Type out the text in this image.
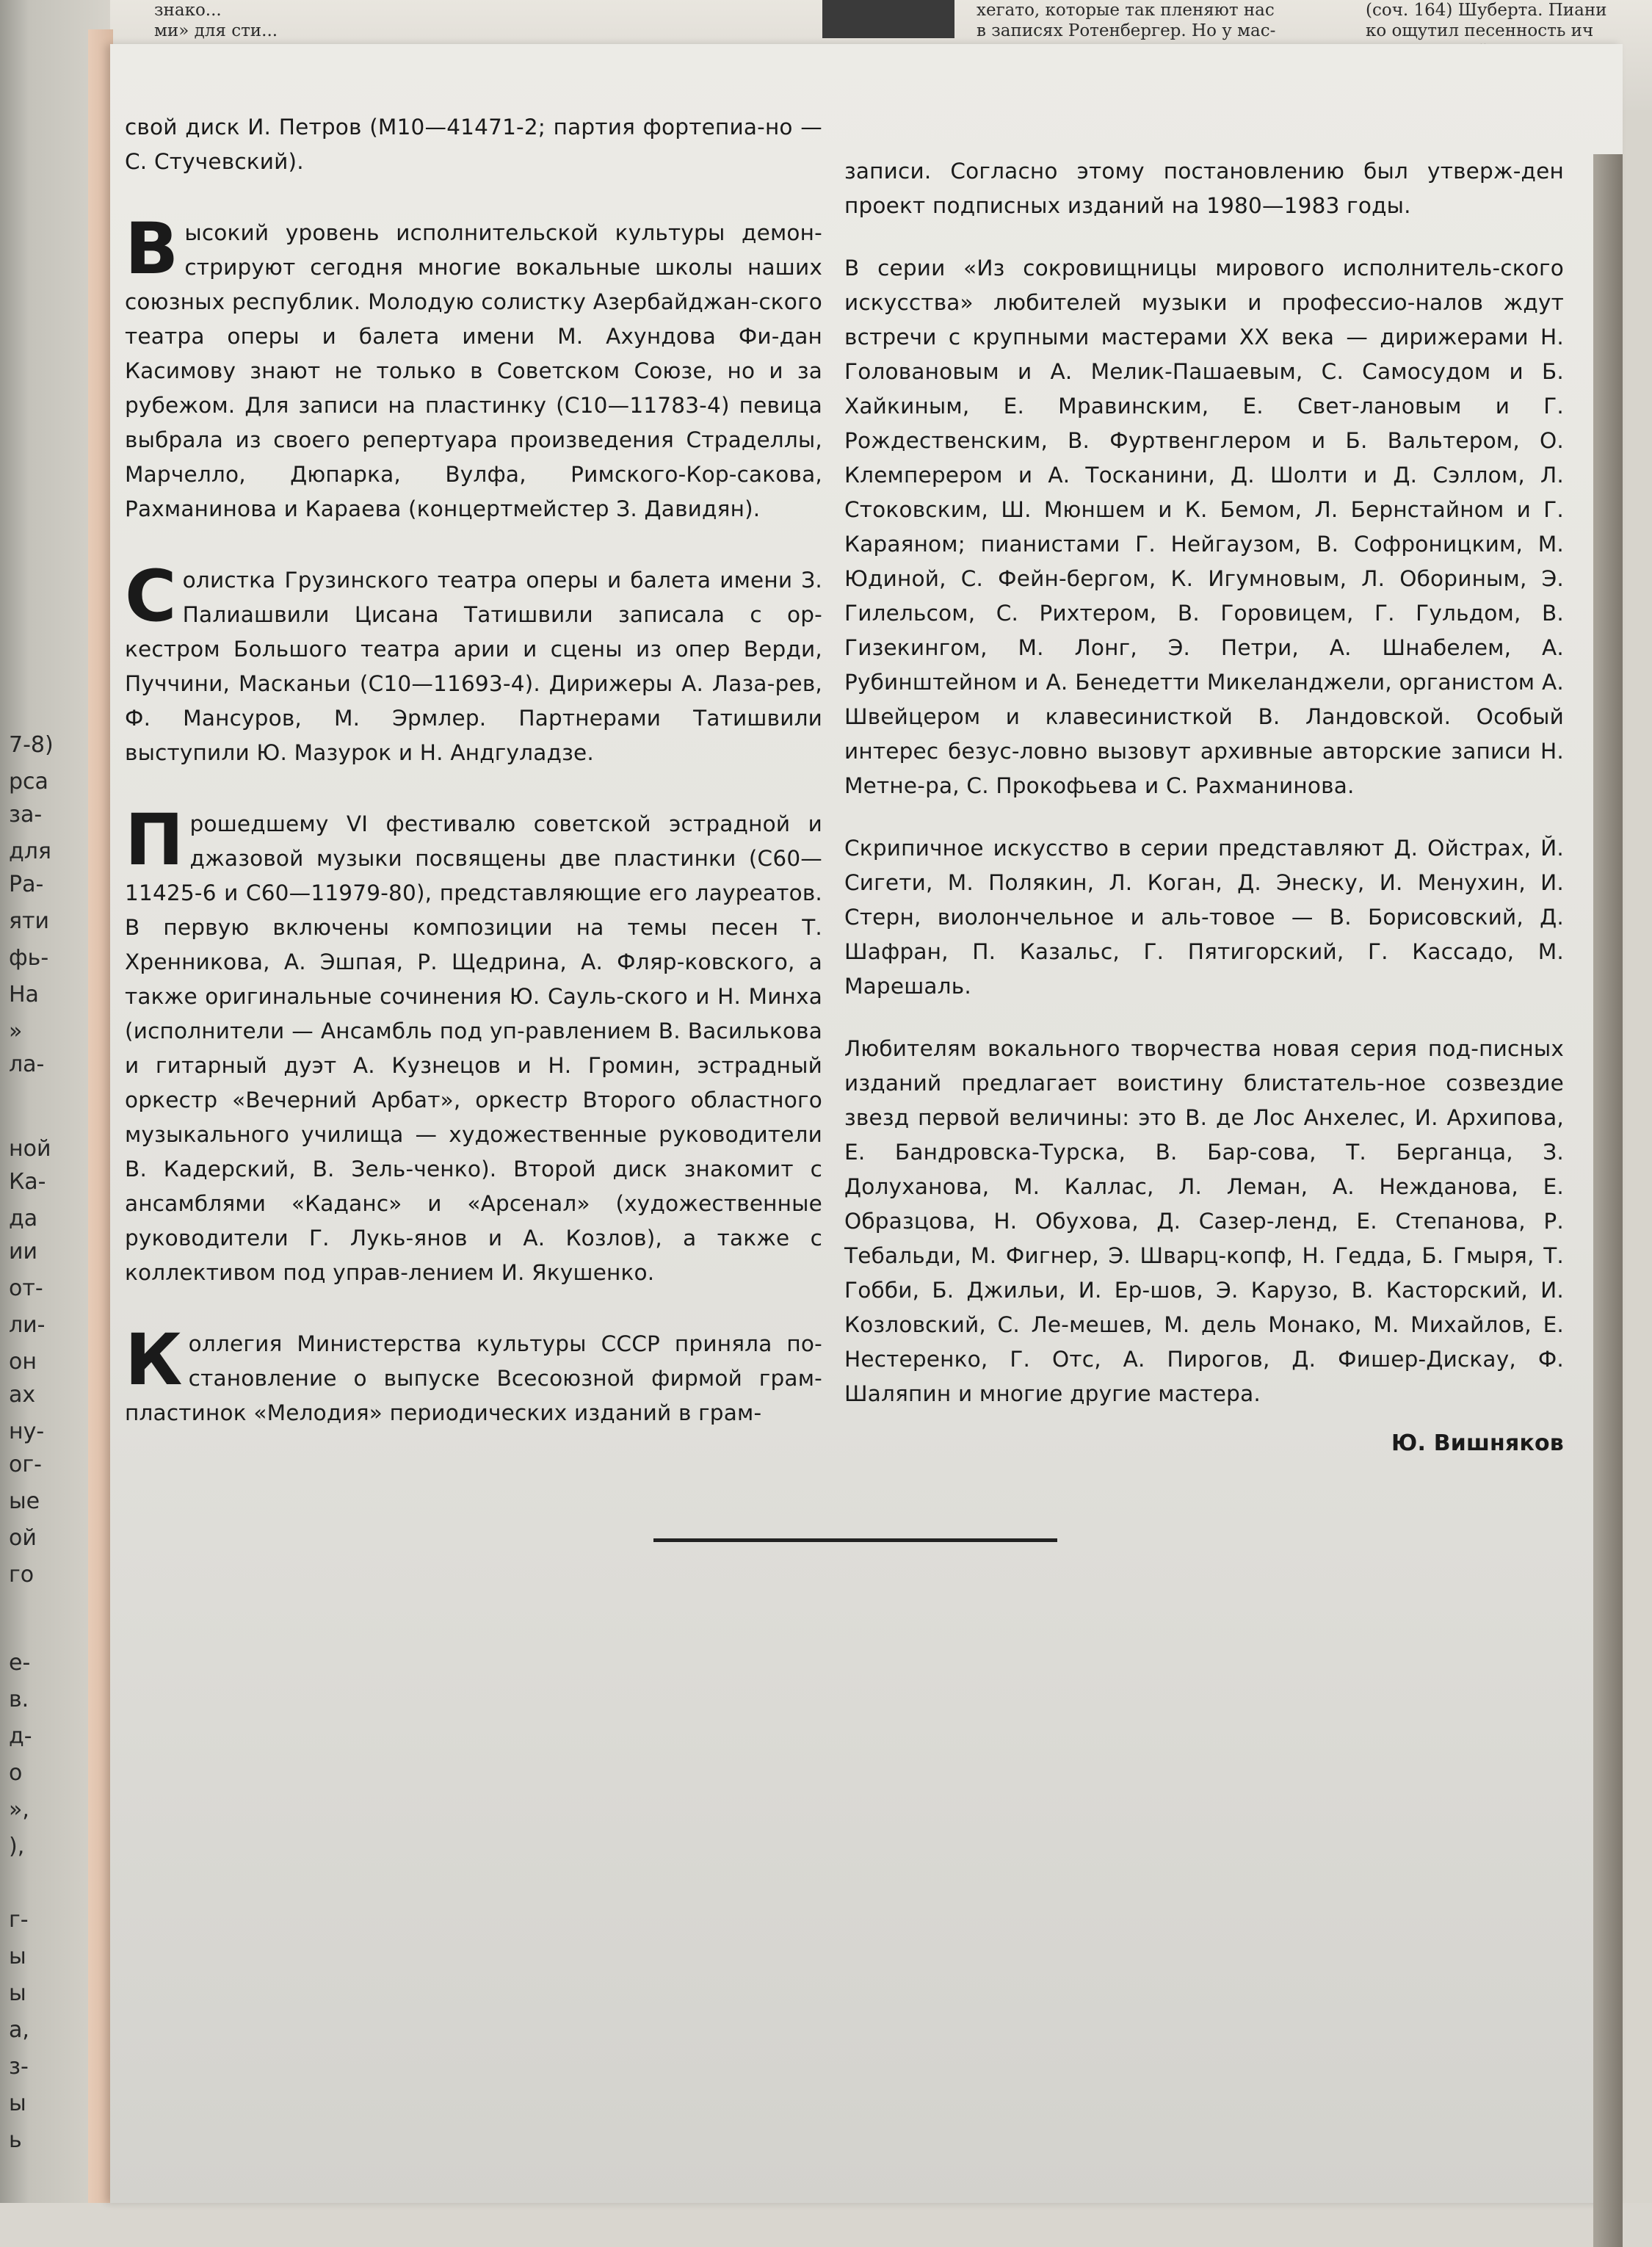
знако...
ми» для сти...
хегато, которые так пленяют нас
в записях Ротенбергер. Но у мас-
(соч. 164) Шуберта. Пиани
ко ощутил песенность ич
7-8)
рса
за-
для
Ра-
яти
фь-
На
»
ла-
ной
Ка-
да
ии
от-
ли-
он
ах
ну-
ог-
ые
ой
го
е-
в.
д-
о
»,
),
г-
ы
ы
а,
з-
ы
ь

свой диск И. Петров (М10—41471-2; партия фортепиа-но — С. Стучевский).

Высокий уровень исполнительской культуры демон-стрируют сегодня многие вокальные школы наших союзных республик. Молодую солистку Азербайджан-ского театра оперы и балета имени М. Ахундова Фи-дан Касимову знают не только в Советском Союзе, но и за рубежом. Для записи на пластинку (С10—11783-4) певица выбрала из своего репертуара произведения Страделлы, Марчелло, Дюпарка, Вулфа, Римского-Кор-сакова, Рахманинова и Караева (концертмейстер З. Давидян).

Солистка Грузинского театра оперы и балета имени З. Палиашвили Цисана Татишвили записала с ор-кестром Большого театра арии и сцены из опер Верди, Пуччини, Масканьи (С10—11693-4). Дирижеры А. Лаза-рев, Ф. Мансуров, М. Эрмлер. Партнерами Татишвили выступили Ю. Мазурок и Н. Андгуладзе.

Прошедшему VI фестивалю советской эстрадной и джазовой музыки посвящены две пластинки (С60—11425-6 и С60—11979-80), представляющие его лауреатов. В первую включены композиции на темы песен Т. Хренникова, А. Эшпая, Р. Щедрина, А. Фляр-ковского, а также оригинальные сочинения Ю. Сауль-ского и Н. Минха (исполнители — Ансамбль под уп-равлением В. Василькова и гитарный дуэт А. Кузнецов и Н. Громин, эстрадный оркестр «Вечерний Арбат», оркестр Второго областного музыкального училища — художественные руководители В. Кадерский, В. Зель-ченко). Второй диск знакомит с ансамблями «Каданс» и «Арсенал» (художественные руководители Г. Лукь-янов и А. Козлов), а также с коллективом под управ-лением И. Якушенко.

Коллегия Министерства культуры СССР приняла по-становление о выпуске Всесоюзной фирмой грам-пластинок «Мелодия» периодических изданий в грам-

записи. Согласно этому постановлению был утверж-ден проект подписных изданий на 1980—1983 годы.

В серии «Из сокровищницы мирового исполнитель-ского искусства» любителей музыки и профессио-налов ждут встречи с крупными мастерами XX века — дирижерами Н. Головановым и А. Мелик-Пашаевым, С. Самосудом и Б. Хайкиным, Е. Мравинским, Е. Свет-лановым и Г. Рождественским, В. Фуртвенглером и Б. Вальтером, О. Клемперером и А. Тосканини, Д. Шолти и Д. Сэллом, Л. Стоковским, Ш. Мюншем и К. Бемом, Л. Бернстайном и Г. Караяном; пианистами Г. Нейгаузом, В. Софроницким, М. Юдиной, С. Фейн-бергом, К. Игумновым, Л. Обориным, Э. Гилельсом, С. Рихтером, В. Горовицем, Г. Гульдом, В. Гизекингом, М. Лонг, Э. Петри, А. Шнабелем, А. Рубинштейном и А. Бенедетти Микеланджели, органистом А. Швейцером и клавесинисткой В. Ландовской. Особый интерес безус-ловно вызовут архивные авторские записи Н. Метне-ра, С. Прокофьева и С. Рахманинова.

Скрипичное искусство в серии представляют Д. Ойстрах, Й. Сигети, М. Полякин, Л. Коган, Д. Энеску, И. Менухин, И. Стерн, виолончельное и аль-товое — В. Борисовский, Д. Шафран, П. Казальс, Г. Пятигорский, Г. Кассадо, М. Марешаль.

Любителям вокального творчества новая серия под-писных изданий предлагает воистину блистатель-ное созвездие звезд первой величины: это В. де Лос Анхелес, И. Архипова, Е. Бандровска-Турска, В. Бар-сова, Т. Берганца, З. Долуханова, М. Каллас, Л. Леман, А. Нежданова, Е. Образцова, Н. Обухова, Д. Сазер-ленд, Е. Степанова, Р. Тебальди, М. Фигнер, Э. Шварц-копф, Н. Гедда, Б. Гмыря, Т. Гобби, Б. Джильи, И. Ер-шов, Э. Карузо, В. Касторский, И. Козловский, С. Ле-мешев, М. дель Монако, М. Михайлов, Е. Нестеренко, Г. Отс, А. Пирогов, Д. Фишер-Дискау, Ф. Шаляпин и многие другие мастера.

Ю. Вишняков
